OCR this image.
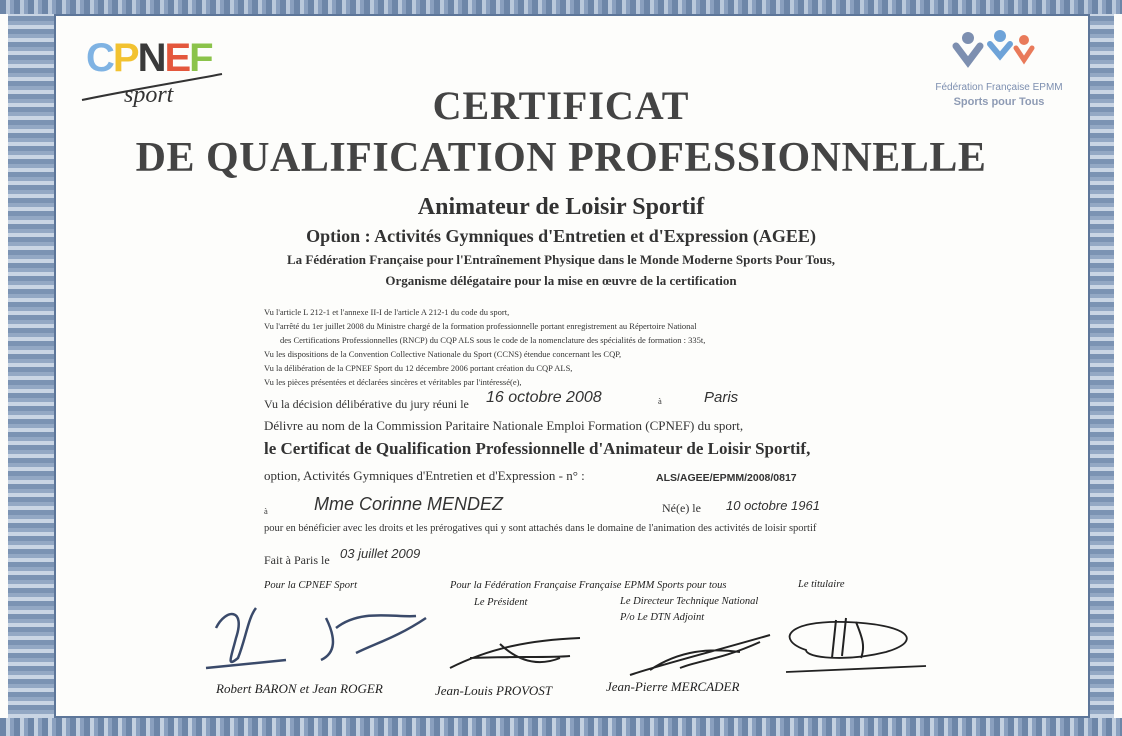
CPNEF
sport	Fédération Française EPMM
Sports pour Tous
CERTIFICAT
DE QUALIFICATION PROFESSIONNELLE
Animateur de Loisir Sportif
Option : Activités Gymniques d'Entretien et d'Expression (AGEE)
La Fédération Française pour l'Entraînement Physique dans le Monde Moderne Sports Pour Tous,
Organisme délégataire pour la mise en œuvre de la certification
Vu l'article L 212-1 et l'annexe II-I de l'article A 212-1 du code du sport,
Vu l'arrêté du 1er juillet 2008 du Ministre chargé de la formation professionnelle portant enregistrement au Répertoire National
des Certifications Professionnelles (RNCP) du CQP ALS sous le code de la nomenclature des spécialités de formation : 335t,
Vu les dispositions de la Convention Collective Nationale du Sport (CCNS) étendue concernant les CQP,
Vu la délibération de la CPNEF Sport du 12 décembre 2006 portant création du CQP ALS,
Vu les pièces présentées et déclarées sincères et véritables par l'intéressé(e),
Vu la décision délibérative du jury réuni le 16 octobre 2008	à	Paris
Délivre au nom de la Commission Paritaire Nationale Emploi Formation (CPNEF) du sport,
le Certificat de Qualification Professionnelle d'Animateur de Loisir Sportif,
option, Activités Gymniques d'Entretien et d'Expression - n° :	ALS/AGEE/EPMM/2008/0817
à	Mme Corinne MENDEZ	Né(e) le 10 octobre 1961
pour en bénéficier avec les droits et les prérogatives qui y sont attachés dans le domaine de l'animation des activités de loisir sportif
Fait à Paris le 03 juillet 2009
Pour la CPNEF Sport	Pour la Fédération Française Française EPMM Sports pour tous	Le titulaire
Le Président	Le Directeur Technique National
P/o Le DTN Adjoint
Robert BARON et Jean ROGER	Jean-Louis PROVOST	Jean-Pierre MERCADER
